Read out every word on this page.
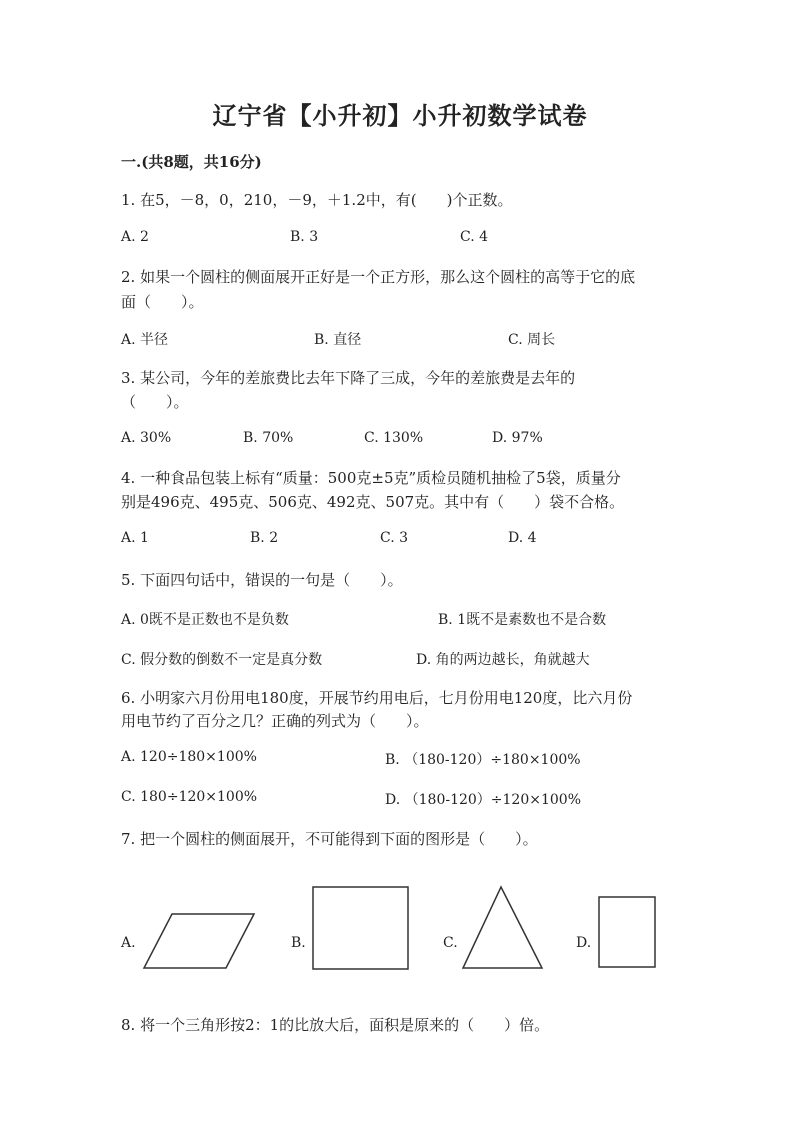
辽宁省【小升初】小升初数学试卷
一.(共8题，共16分)
1. 在5，－8，0，210，－9，＋1.2中，有(　　)个正数。
A. 2	B. 3	C. 4
2. 如果一个圆柱的侧面展开正好是一个正方形，那么这个圆柱的高等于它的底
面（　　）。
A. 半径	B. 直径	C. 周长
3. 某公司，今年的差旅费比去年下降了三成，今年的差旅费是去年的
（　　）。
A. 30%	B. 70%	C. 130%	D. 97%
4. 一种食品包装上标有“质量：500克±5克”质检员随机抽检了5袋，质量分
别是496克、495克、506克、492克、507克。其中有（　　）袋不合格。
A. 1	B. 2	C. 3	D. 4
5. 下面四句话中，错误的一句是（　　）。
A. 0既不是正数也不是负数	B. 1既不是素数也不是合数
C. 假分数的倒数不一定是真分数	D. 角的两边越长，角就越大
6. 小明家六月份用电180度，开展节约用电后，七月份用电120度，比六月份
用电节约了百分之几？正确的列式为（　　）。
A. 120÷180×100%	B. （180-120）÷180×100%
C. 180÷120×100%	D. （180-120）÷120×100%
7. 把一个圆柱的侧面展开，不可能得到下面的图形是（　　）。
A.	B.	C.	D.
8. 将一个三角形按2：1的比放大后，面积是原来的（　　）倍。
